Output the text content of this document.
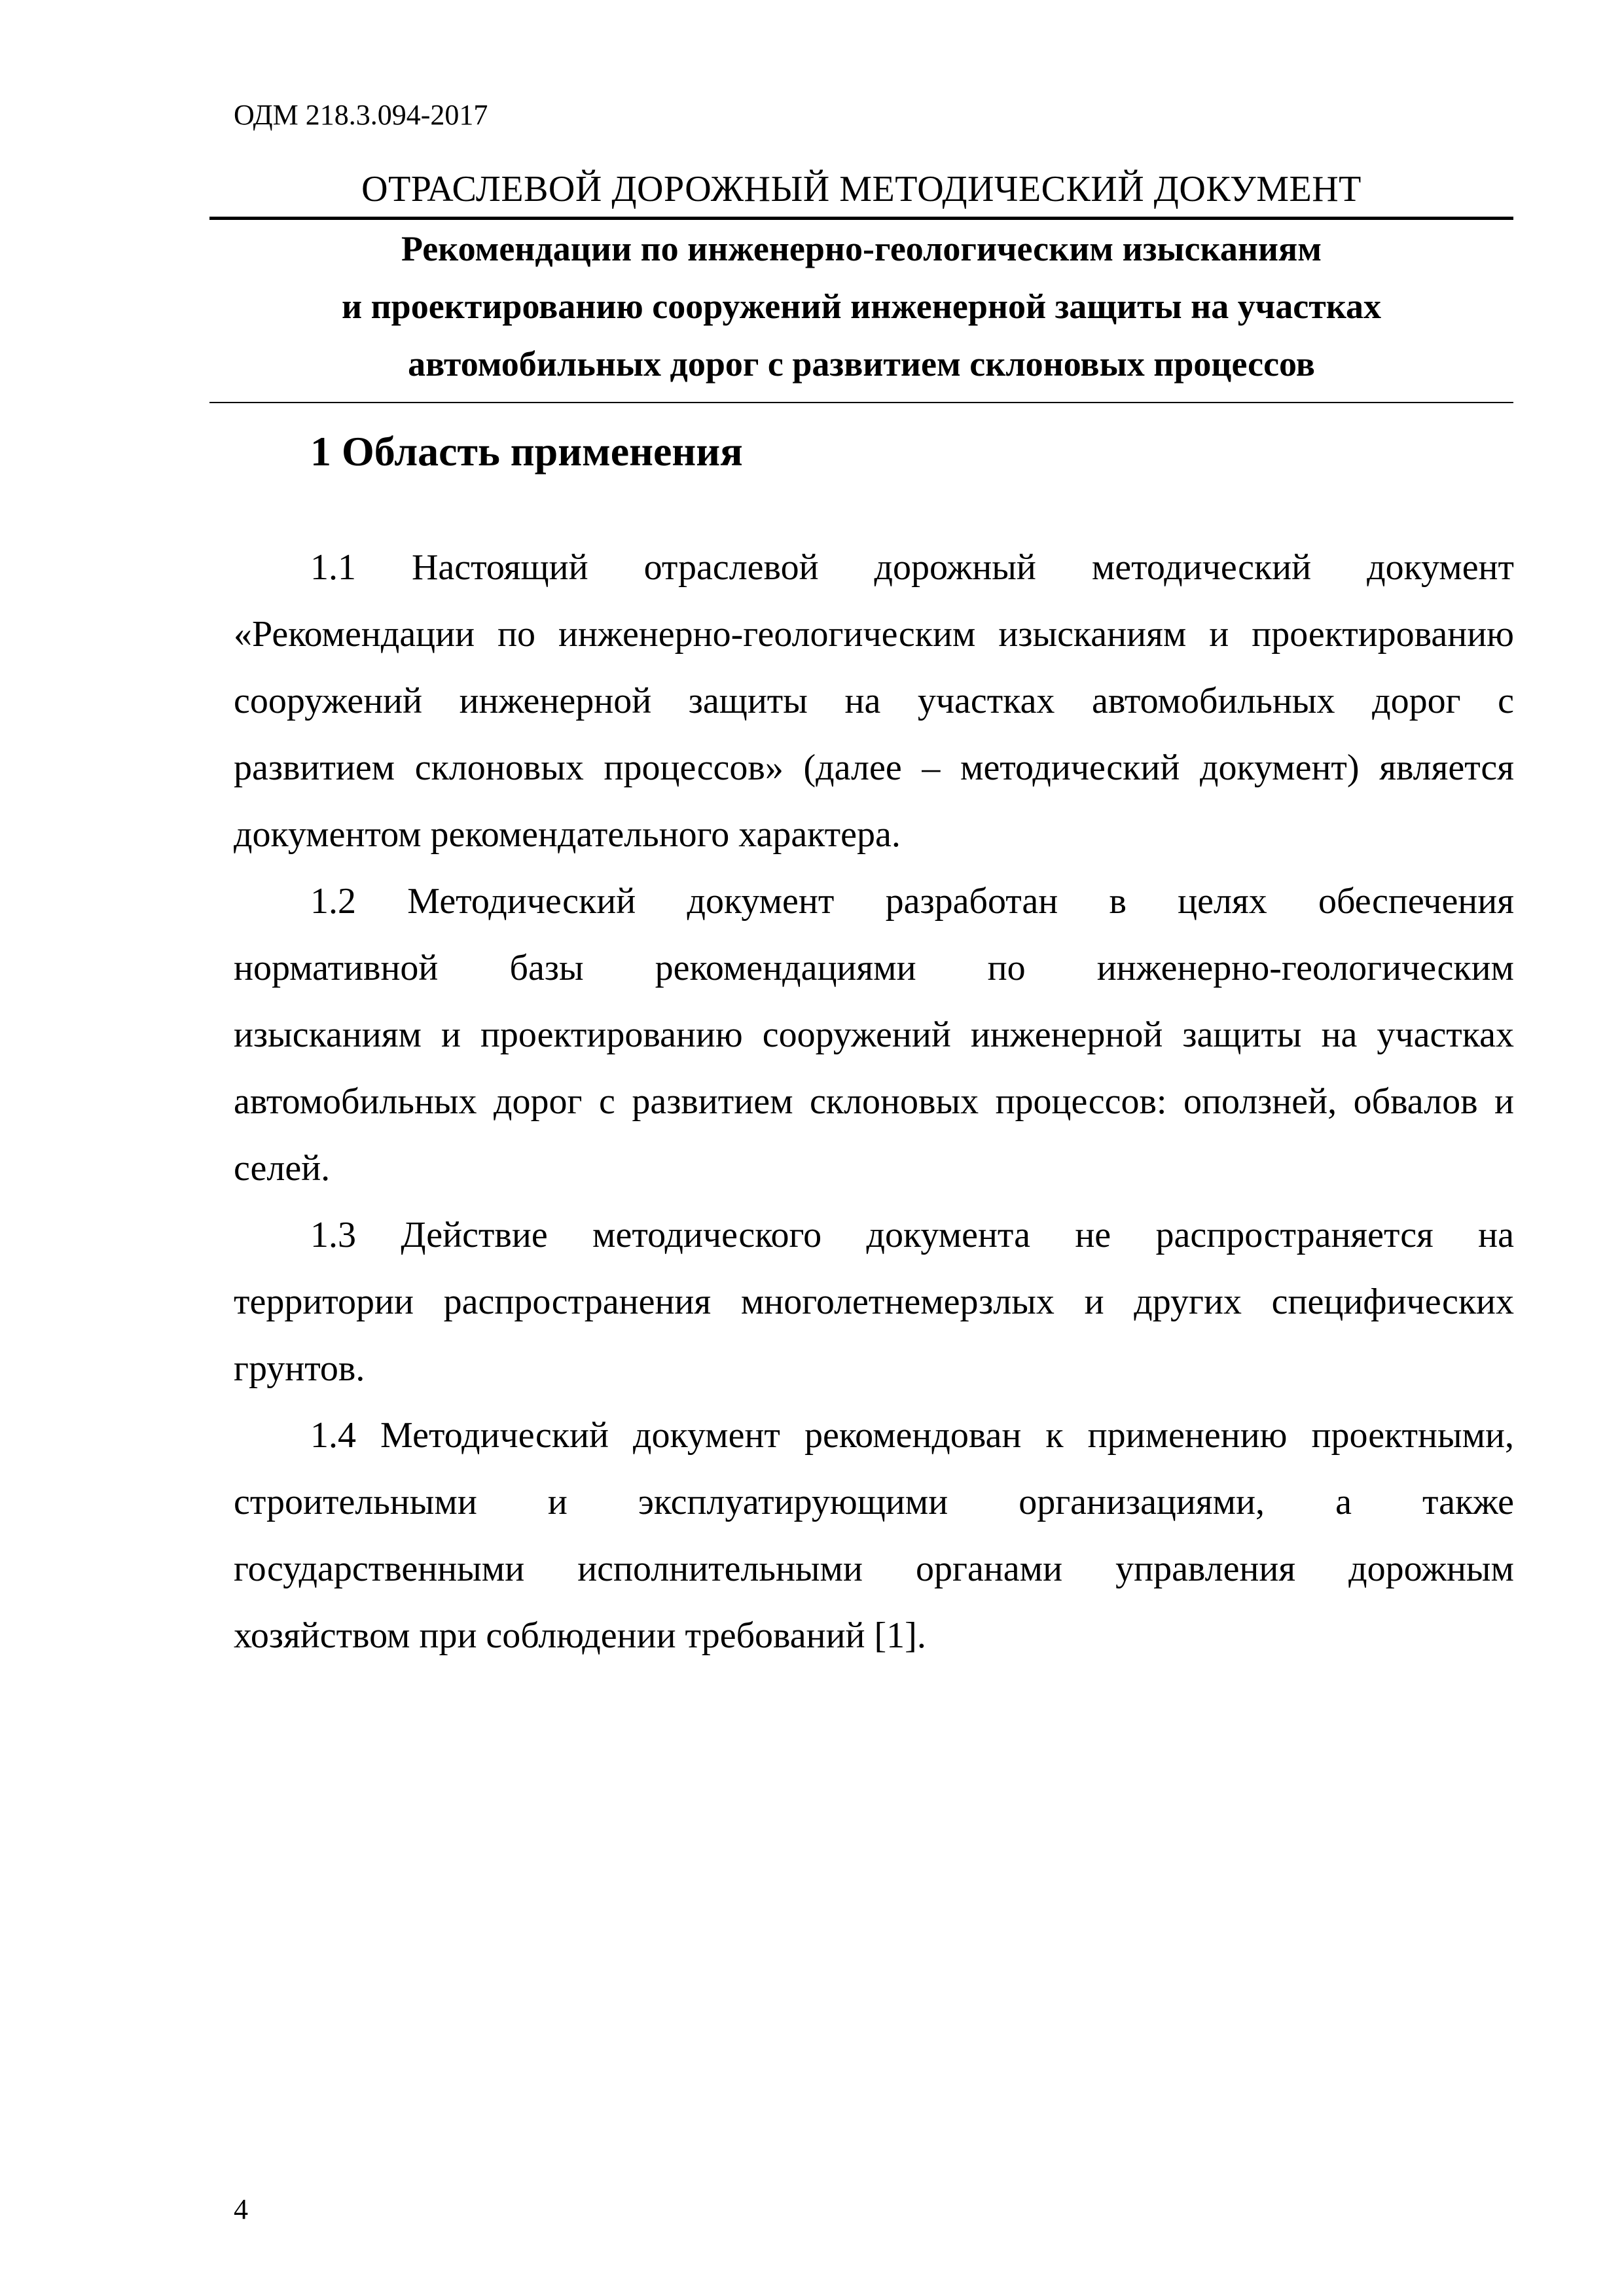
ОДМ 218.3.094-2017
ОТРАСЛЕВОЙ ДОРОЖНЫЙ МЕТОДИЧЕСКИЙ ДОКУМЕНТ
Рекомендации по инженерно-геологическим изысканиям
и проектированию сооружений инженерной защиты на участках
автомобильных дорог с развитием склоновых процессов
1 Область применения
1.1 Настоящий отраслевой дорожный методический документ
«Рекомендации по инженерно-геологическим изысканиям и проектированию
сооружений инженерной защиты на участках автомобильных дорог с
развитием склоновых процессов» (далее – методический документ) является
документом рекомендательного характера.
1.2 Методический документ разработан в целях обеспечения
нормативной базы рекомендациями по инженерно-геологическим
изысканиям и проектированию сооружений инженерной защиты на участках
автомобильных дорог с развитием склоновых процессов: оползней, обвалов и
селей.
1.3 Действие методического документа не распространяется на
территории распространения многолетнемерзлых и других специфических
грунтов.
1.4 Методический документ рекомендован к применению проектными,
строительными и эксплуатирующими организациями, а также
государственными исполнительными органами управления дорожным
хозяйством при соблюдении требований [1].
4
